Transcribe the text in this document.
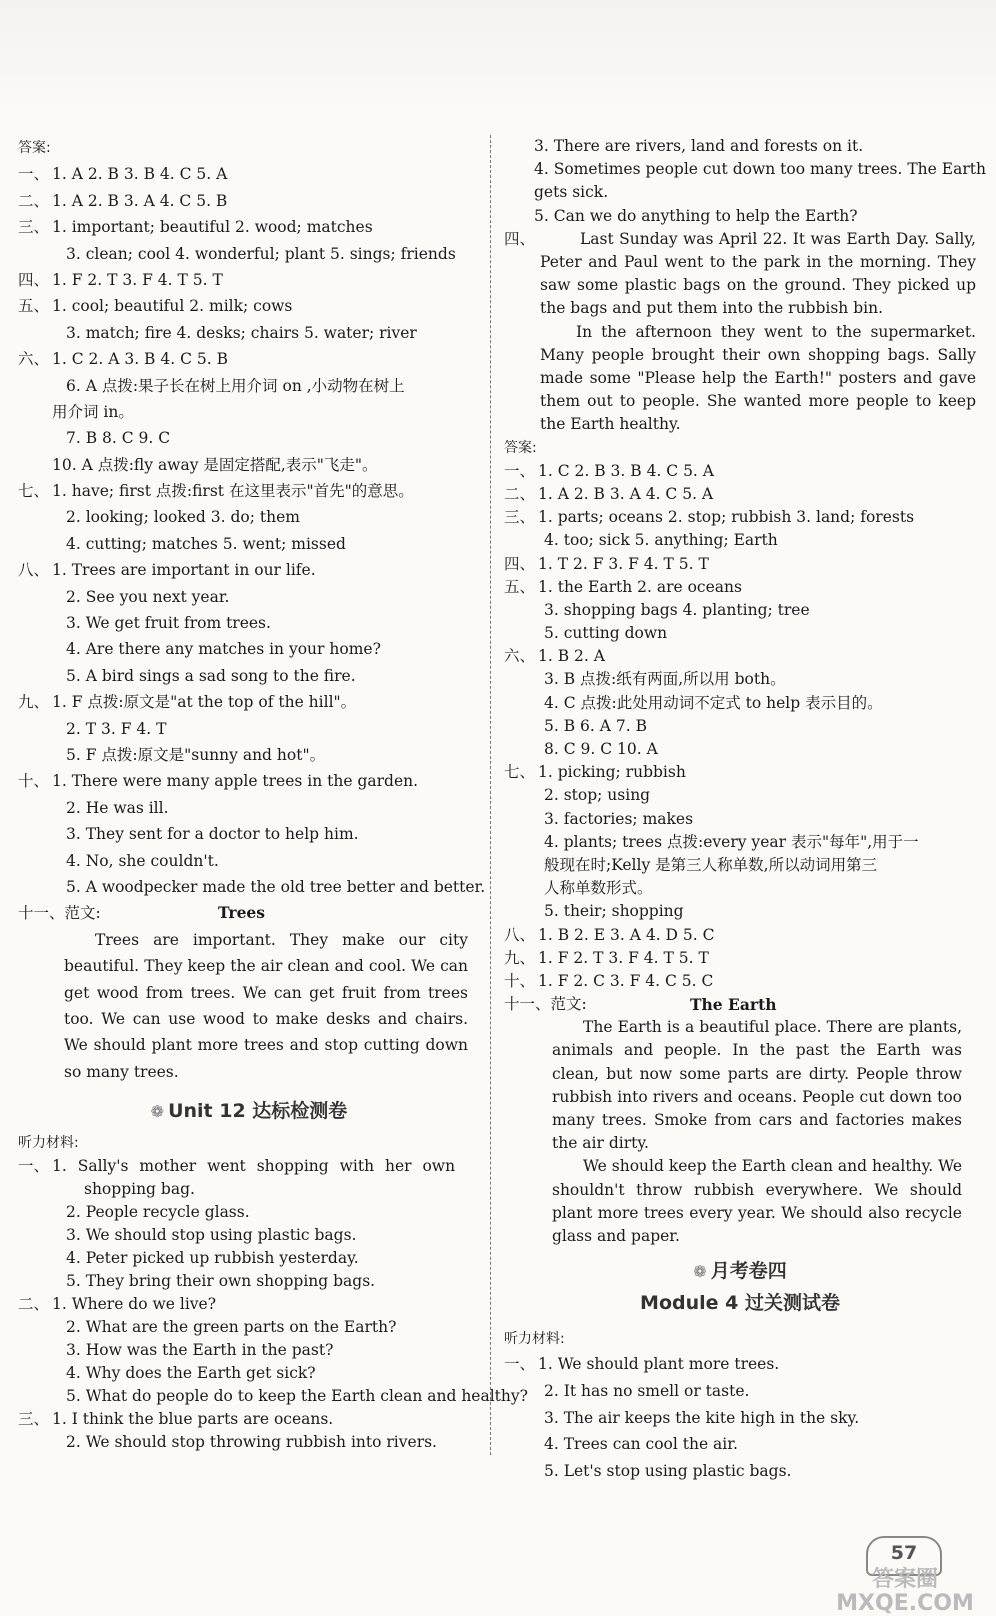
答案:
一、 1. A 2. B 3. B 4. C 5. A
二、 1. A 2. B 3. A 4. C 5. B
三、 1. important; beautiful 2. wood; matches
3. clean; cool 4. wonderful; plant 5. sings; friends
四、 1. F 2. T 3. F 4. T 5. T
五、 1. cool; beautiful 2. milk; cows
3. match; fire 4. desks; chairs 5. water; river
六、 1. C 2. A 3. B 4. C 5. B
6. A 点拨:果子长在树上用介词 on ,小动物在树上
用介词 in。
7. B 8. C 9. C
10. A 点拨:fly away 是固定搭配,表示"飞走"。
七、 1. have; first 点拨:first 在这里表示"首先"的意思。
2. looking; looked 3. do; them
4. cutting; matches 5. went; missed
八、 1. Trees are important in our life.
2. See you next year.
3. We get fruit from trees.
4. Are there any matches in your home?
5. A bird sings a sad song to the fire.
九、 1. F 点拨:原文是"at the top of the hill"。
2. T 3. F 4. T
5. F 点拨:原文是"sunny and hot"。
十、 1. There were many apple trees in the garden.
2. He was ill.
3. They sent for a doctor to help him.
4. No, she couldn't.
5. A woodpecker made the old tree better and better.
十一、范文:	Trees

Trees are important. They make our city beautiful. They keep the air clean and cool. We can get wood from trees. We can get fruit from trees too. We can use wood to make desks and chairs. We should plant more trees and stop cutting down so many trees.

❁ Unit 12 达标检测卷
听力材料:
一、 1. Sally's mother went shopping with her own
shopping bag.
2. People recycle glass.
3. We should stop using plastic bags.
4. Peter picked up rubbish yesterday.
5. They bring their own shopping bags.
二、 1. Where do we live?
2. What are the green parts on the Earth?
3. How was the Earth in the past?
4. Why does the Earth get sick?
5. What do people do to keep the Earth clean and healthy?
三、 1. I think the blue parts are oceans.
2. We should stop throwing rubbish into rivers.
3. There are rivers, land and forests on it.
4. Sometimes people cut down too many trees. The Earth
gets sick.
5. Can we do anything to help the Earth?
四、	Last Sunday was April 22. It was Earth Day. Sally, Peter and Paul went to the park in the morning. They saw some plastic bags on the ground. They picked up the bags and put them into the rubbish bin.

In the afternoon they went to the supermarket. Many people brought their own shopping bags. Sally made some "Please help the Earth!" posters and gave them out to people. She wanted more people to keep the Earth healthy.

答案:
一、 1. C 2. B 3. B 4. C 5. A
二、 1. A 2. B 3. A 4. C 5. A
三、 1. parts; oceans 2. stop; rubbish 3. land; forests
4. too; sick 5. anything; Earth
四、 1. T 2. F 3. F 4. T 5. T
五、 1. the Earth 2. are oceans
3. shopping bags 4. planting; tree
5. cutting down
六、 1. B 2. A
3. B 点拨:纸有两面,所以用 both。
4. C 点拨:此处用动词不定式 to help 表示目的。
5. B 6. A 7. B
8. C 9. C 10. A
七、 1. picking; rubbish
2. stop; using
3. factories; makes
4. plants; trees 点拨:every year 表示"每年",用于一
般现在时;Kelly 是第三人称单数,所以动词用第三
人称单数形式。
5. their; shopping
八、 1. B 2. E 3. A 4. D 5. C
九、 1. F 2. T 3. F 4. T 5. T
十、 1. F 2. C 3. F 4. C 5. C
十一、范文:	The Earth

The Earth is a beautiful place. There are plants, animals and people. In the past the Earth was clean, but now some parts are dirty. People throw rubbish into rivers and oceans. People cut down too many trees. Smoke from cars and factories makes the air dirty.

We should keep the Earth clean and healthy. We shouldn't throw rubbish everywhere. We should plant more trees every year. We should also recycle glass and paper.

❁ 月考卷四
Module 4 过关测试卷
听力材料:
一、 1. We should plant more trees.
2. It has no smell or taste.
3. The air keeps the kite high in the sky.
4. Trees can cool the air.
5. Let's stop using plastic bags.
57
答案圈 MXQE.COM
